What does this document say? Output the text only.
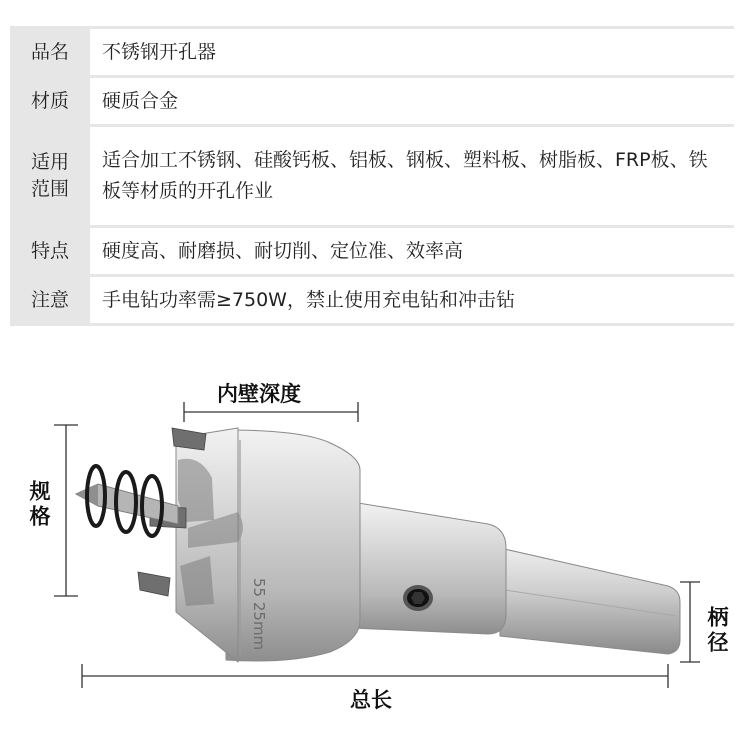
品名	不锈钢开孔器
材质	硬质合金
适用
范围	适合加工不锈钢、硅酸钙板、铝板、钢板、塑料板、树脂板、FRP板、铁板等材质的开孔作业
特点	硬度高、耐磨损、耐切削、定位准、效率高
注意	手电钻功率需≥750W，禁止使用充电钻和冲击钻
内壁深度
规格
柄径
总长
55 25mm
